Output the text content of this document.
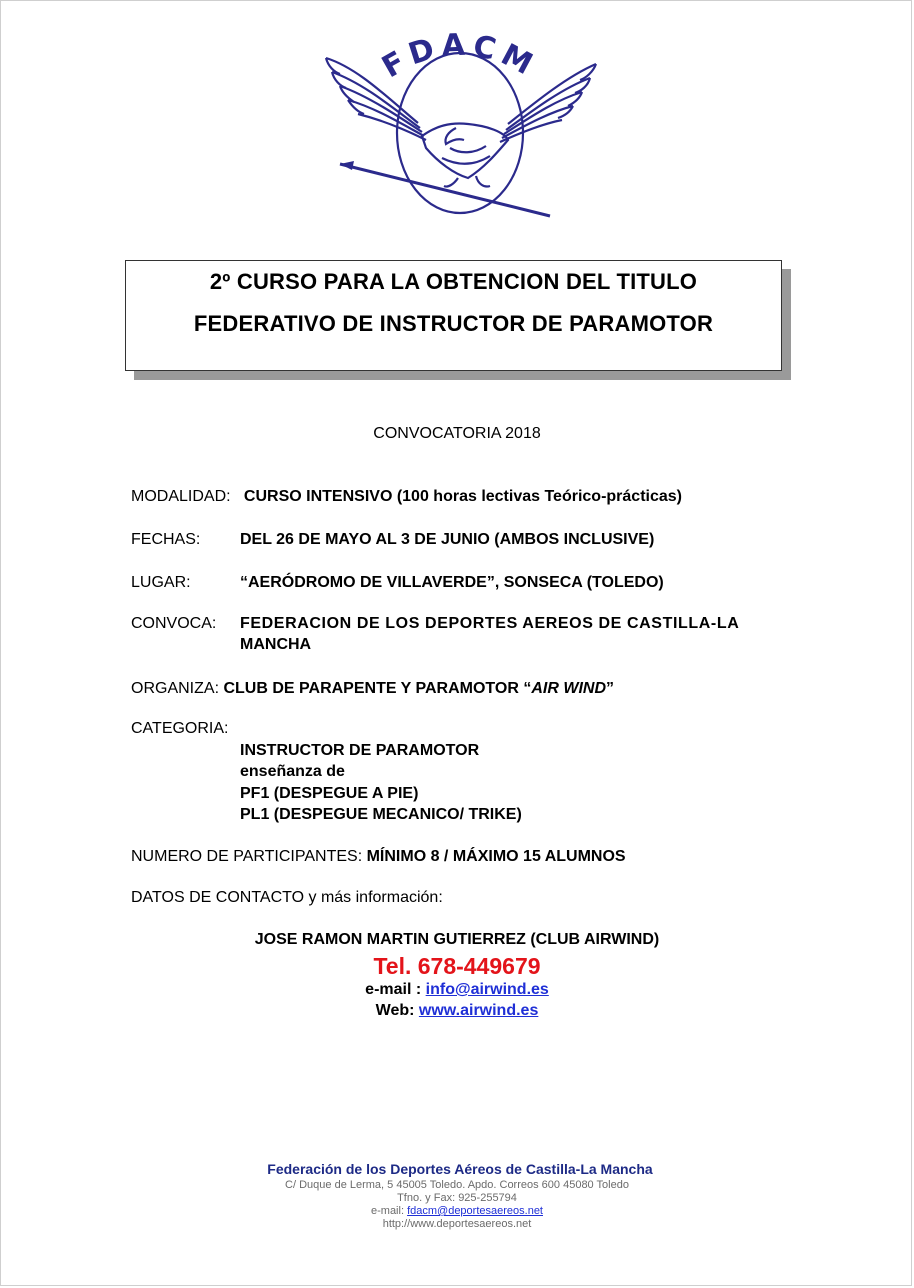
FDACM
2º CURSO PARA LA OBTENCION DEL TITULO
FEDERATIVO DE INSTRUCTOR DE PARAMOTOR
CONVOCATORIA 2018
MODALIDAD: CURSO INTENSIVO (100 horas lectivas Teórico-prácticas)
FECHAS: DEL 26 DE MAYO AL 3 DE JUNIO (AMBOS INCLUSIVE)
LUGAR:	“AERÓDROMO DE VILLAVERDE”, SONSECA (TOLEDO)
CONVOCA: FEDERACION DE LOS DEPORTES AEREOS DE CASTILLA-LA
MANCHA
ORGANIZA: CLUB DE PARAPENTE Y PARAMOTOR “AIR WIND”
CATEGORIA:
INSTRUCTOR DE PARAMOTOR
enseñanza de
PF1 (DESPEGUE A PIE)
PL1 (DESPEGUE MECANICO/ TRIKE)
NUMERO DE PARTICIPANTES: MÍNIMO 8 / MÁXIMO 15 ALUMNOS
DATOS DE CONTACTO y más información:
JOSE RAMON MARTIN GUTIERREZ (CLUB AIRWIND)
Tel. 678-449679
e-mail : info@airwind.es
Web: www.airwind.es
Federación de los Deportes Aéreos de Castilla-La Mancha
C/ Duque de Lerma, 5 45005 Toledo. Apdo. Correos 600 45080 Toledo
Tfno. y Fax: 925-255794
e-mail: fdacm@deportesaereos.net
http://www.deportesaereos.net
